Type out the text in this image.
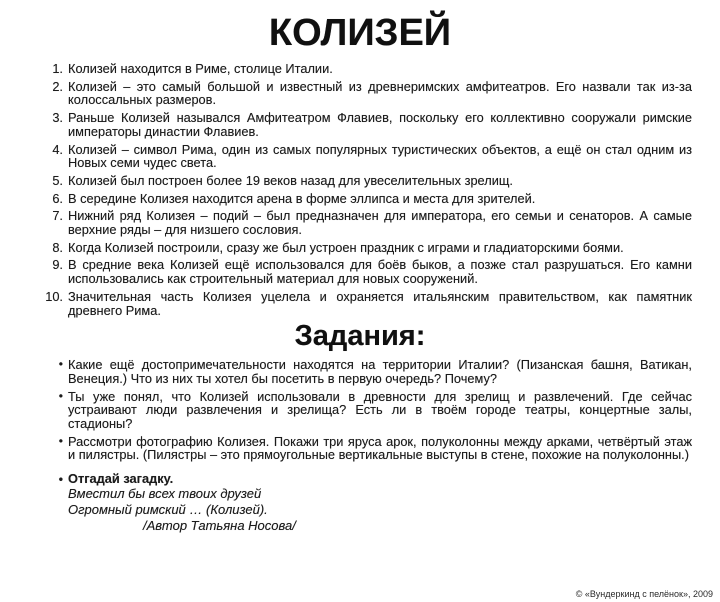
КОЛИЗЕЙ
1. Колизей находится в Риме, столице Италии.
2. Колизей – это самый большой и известный из древнеримских амфитеатров. Его назвали так из-за колоссальных размеров.
3. Раньше Колизей назывался Амфитеатром Флавиев, поскольку его коллективно сооружали римские императоры династии Флавиев.
4. Колизей – символ Рима, один из самых популярных туристических объектов, а ещё он стал одним из Новых семи чудес света.
5. Колизей был построен более 19 веков назад для увеселительных зрелищ.
6. В середине Колизея находится арена в форме эллипса и места для зрителей.
7. Нижний ряд Колизея – подий – был предназначен для императора, его семьи и сенаторов. А самые верхние ряды – для низшего сословия.
8. Когда Колизей построили, сразу же был устроен праздник с играми и гладиаторскими боями.
9. В средние века Колизей ещё использовался для боёв быков, а позже стал разрушаться. Его камни использовались как строительный материал для новых сооружений.
10. Значительная часть Колизея уцелела и охраняется итальянским правительством, как памятник древнего Рима.
Задания:
• Какие ещё достопримечательности находятся на территории Италии? (Пизанская башня, Ватикан, Венеция.) Что из них ты хотел бы посетить в первую очередь? Почему?
• Ты уже понял, что Колизей использовали в древности для зрелищ и развлечений. Где сейчас устраивают люди развлечения и зрелища? Есть ли в твоём городе театры, концертные залы, стадионы?
• Рассмотри фотографию Колизея. Покажи три яруса арок, полуколонны между арками, четвёртый этаж и пилястры. (Пилястры – это прямоугольные вертикальные выступы в стене, похожие на полуколонны.)
• Отгадай загадку.
Вместил бы всех твоих друзей
Огромный римский … (Колизей).
/Автор Татьяна Носова/
© «Вундеркинд с пелёнок», 2009
